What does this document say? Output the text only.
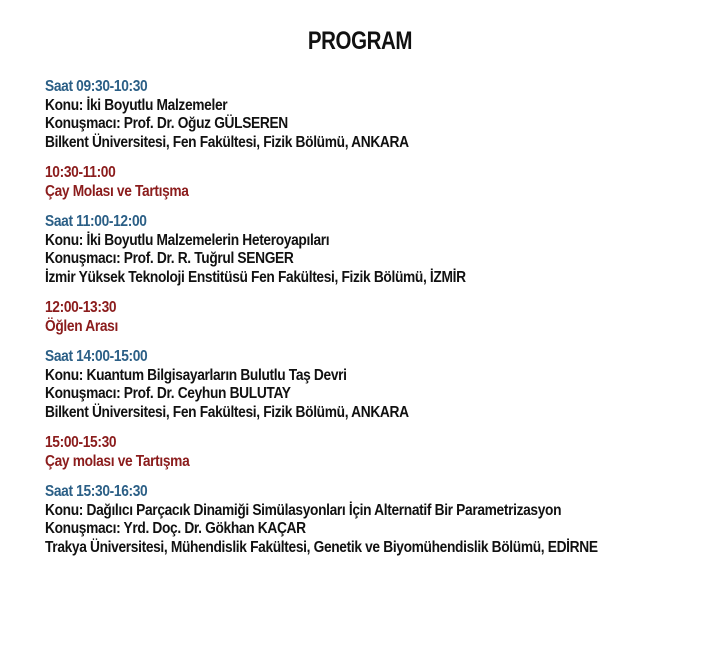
PROGRAM
Saat 09:30-10:30
Konu: İki Boyutlu Malzemeler
Konuşmacı: Prof. Dr. Oğuz GÜLSEREN
Bilkent Üniversitesi, Fen Fakültesi, Fizik Bölümü, ANKARA
10:30-11:00
Çay Molası ve Tartışma
Saat 11:00-12:00
Konu: İki Boyutlu Malzemelerin Heteroyapıları
Konuşmacı: Prof. Dr. R. Tuğrul SENGER
İzmir Yüksek Teknoloji Enstitüsü Fen Fakültesi, Fizik Bölümü, İZMİR
12:00-13:30
Öğlen Arası
Saat 14:00-15:00
Konu: Kuantum Bilgisayarların Bulutlu Taş Devri
Konuşmacı: Prof. Dr. Ceyhun BULUTAY
Bilkent Üniversitesi, Fen Fakültesi, Fizik Bölümü, ANKARA
15:00-15:30
Çay molası ve Tartışma
Saat 15:30-16:30
Konu: Dağılıcı Parçacık Dinamiği Simülasyonları İçin Alternatif Bir Parametrizasyon
Konuşmacı: Yrd. Doç. Dr. Gökhan KAÇAR
Trakya Üniversitesi, Mühendislik Fakültesi, Genetik ve Biyomühendislik Bölümü, EDİRNE
